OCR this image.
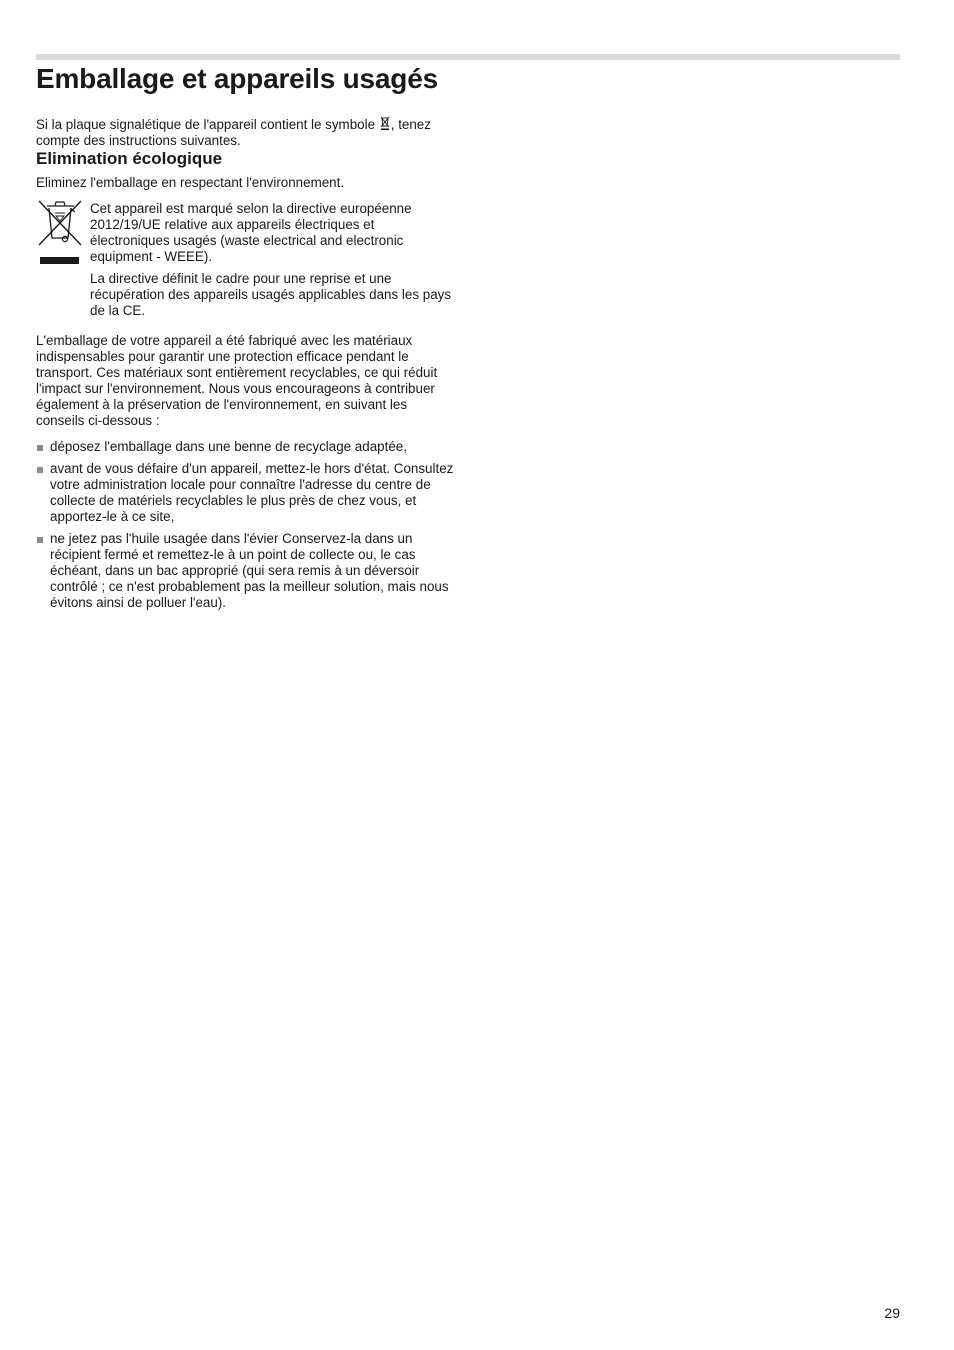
Emballage et appareils usagés

Si la plaque signalétique de l'appareil contient le symbole , tenez compte des instructions suivantes.

Elimination écologique

Eliminez l'emballage en respectant l'environnement.

Cet appareil est marqué selon la directive européenne 2012/19/UE relative aux appareils électriques et électroniques usagés (waste electrical and electronic equipment - WEEE).

La directive définit le cadre pour une reprise et une récupération des appareils usagés applicables dans les pays de la CE.

L'emballage de votre appareil a été fabriqué avec les matériaux indispensables pour garantir une protection efficace pendant le transport. Ces matériaux sont entièrement recyclables, ce qui réduit l'impact sur l'environnement. Nous vous encourageons à contribuer également à la préservation de l'environnement, en suivant les conseils ci-dessous :

déposez l'emballage dans une benne de recyclage adaptée,
avant de vous défaire d'un appareil, mettez-le hors d'état. Consultez votre administration locale pour connaître l'adresse du centre de collecte de matériels recyclables le plus près de chez vous, et apportez-le à ce site,
ne jetez pas l'huile usagée dans l'évier Conservez-la dans un récipient fermé et remettez-le à un point de collecte ou, le cas échéant, dans un bac approprié (qui sera remis à un déversoir contrôlé ; ce n'est probablement pas la meilleur solution, mais nous évitons ainsi de polluer l'eau).
29
